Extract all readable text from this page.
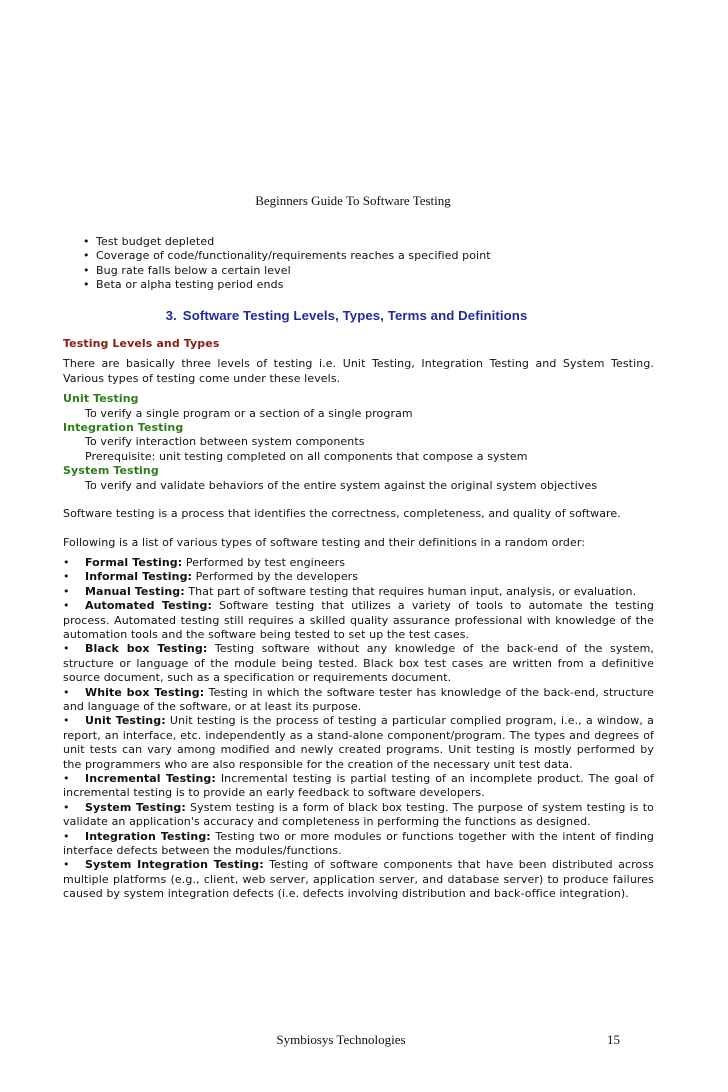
Beginners Guide To Software Testing
• Test budget depleted
• Coverage of code/functionality/requirements reaches a specified point
• Bug rate falls below a certain level
• Beta or alpha testing period ends
3. Software Testing Levels, Types, Terms and Definitions
Testing Levels and Types
There are basically three levels of testing i.e. Unit Testing, Integration Testing and System Testing. Various types of testing come under these levels.
Unit Testing
To verify a single program or a section of a single program
Integration Testing
To verify interaction between system components
Prerequisite: unit testing completed on all components that compose a system
System Testing
To verify and validate behaviors of the entire system against the original system objectives
Software testing is a process that identifies the correctness, completeness, and quality of software.
Following is a list of various types of software testing and their definitions in a random order:
• Formal Testing: Performed by test engineers
• Informal Testing: Performed by the developers
• Manual Testing: That part of software testing that requires human input, analysis, or evaluation.
• Automated Testing: Software testing that utilizes a variety of tools to automate the testing process. Automated testing still requires a skilled quality assurance professional with knowledge of the automation tools and the software being tested to set up the test cases.
• Black box Testing: Testing software without any knowledge of the back-end of the system, structure or language of the module being tested. Black box test cases are written from a definitive source document, such as a specification or requirements document.
• White box Testing: Testing in which the software tester has knowledge of the back-end, structure and language of the software, or at least its purpose.
• Unit Testing: Unit testing is the process of testing a particular complied program, i.e., a window, a report, an interface, etc. independently as a stand-alone component/program. The types and degrees of unit tests can vary among modified and newly created programs. Unit testing is mostly performed by the programmers who are also responsible for the creation of the necessary unit test data.
• Incremental Testing: Incremental testing is partial testing of an incomplete product. The goal of incremental testing is to provide an early feedback to software developers.
• System Testing: System testing is a form of black box testing. The purpose of system testing is to validate an application's accuracy and completeness in performing the functions as designed.
• Integration Testing: Testing two or more modules or functions together with the intent of finding interface defects between the modules/functions.
• System Integration Testing: Testing of software components that have been distributed across multiple platforms (e.g., client, web server, application server, and database server) to produce failures caused by system integration defects (i.e. defects involving distribution and back-office integration).
Symbiosys Technologies	15
